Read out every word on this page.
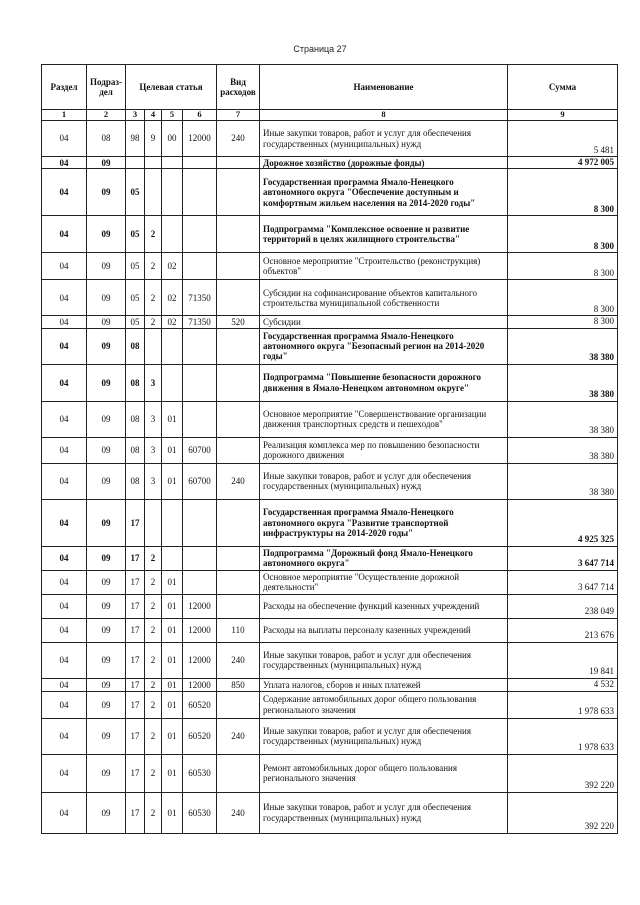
Страница 27
Раздел	Подраз-дел	Целевая статья				Вид расходов	Наименование	Сумма
1	2	3	4	5	6	7	8	9
04	08	98	9	00	12000	240	Иные закупки товаров, работ и услуг для обеспечения государственных (муниципальных) нужд	5 481
04	09						Дорожное хозяйство (дорожные фонды)	4 972 005
04	09	05					Государственная программа Ямало-Ненецкого автономного округа "Обеспечение доступным и комфортным жильем населения на 2014-2020 годы"	8 300
04	09	05	2				Подпрограмма "Комплексное освоение и развитие территорий в целях жилищного строительства"	8 300
04	09	05	2	02			Основное мероприятие "Строительство (реконструкция) объектов"	8 300
04	09	05	2	02	71350		Субсидии на софинансирование объектов капитального строительства муниципальной собственности	8 300
04	09	05	2	02	71350	520	Субсидии	8 300
04	09	08					Государственная программа Ямало-Ненецкого автономного округа "Безопасный регион на 2014-2020 годы"	38 380
04	09	08	3				Подпрограмма "Повышение безопасности дорожного движения в Ямало-Ненецком автономном округе"	38 380
04	09	08	3	01			Основное мероприятие "Совершенствование организации движения транспортных средств и пешеходов"	38 380
04	09	08	3	01	60700		Реализация комплекса мер по повышению безопасности дорожного движения	38 380
04	09	08	3	01	60700	240	Иные закупки товаров, работ и услуг для обеспечения государственных (муниципальных) нужд	38 380
04	09	17					Государственная программа Ямало-Ненецкого автономного округа "Развитие транспортной инфраструктуры на 2014-2020 годы"	4 925 325
04	09	17	2				Подпрограмма "Дорожный фонд Ямало-Ненецкого автономного округа"	3 647 714
04	09	17	2	01			Основное мероприятие "Осуществление дорожной деятельности"	3 647 714
04	09	17	2	01	12000		Расходы на обеспечение функций казенных учреждений	238 049
04	09	17	2	01	12000	110	Расходы на выплаты персоналу казенных учреждений	213 676
04	09	17	2	01	12000	240	Иные закупки товаров, работ и услуг для обеспечения государственных (муниципальных) нужд	19 841
04	09	17	2	01	12000	850	Уплата налогов, сборов и иных платежей	4 532
04	09	17	2	01	60520		Содержание автомобильных дорог общего пользования регионального значения	1 978 633
04	09	17	2	01	60520	240	Иные закупки товаров, работ и услуг для обеспечения государственных (муниципальных) нужд	1 978 633
04	09	17	2	01	60530		Ремонт автомобильных дорог общего пользования регионального значения	392 220
04	09	17	2	01	60530	240	Иные закупки товаров, работ и услуг для обеспечения государственных (муниципальных) нужд	392 220
